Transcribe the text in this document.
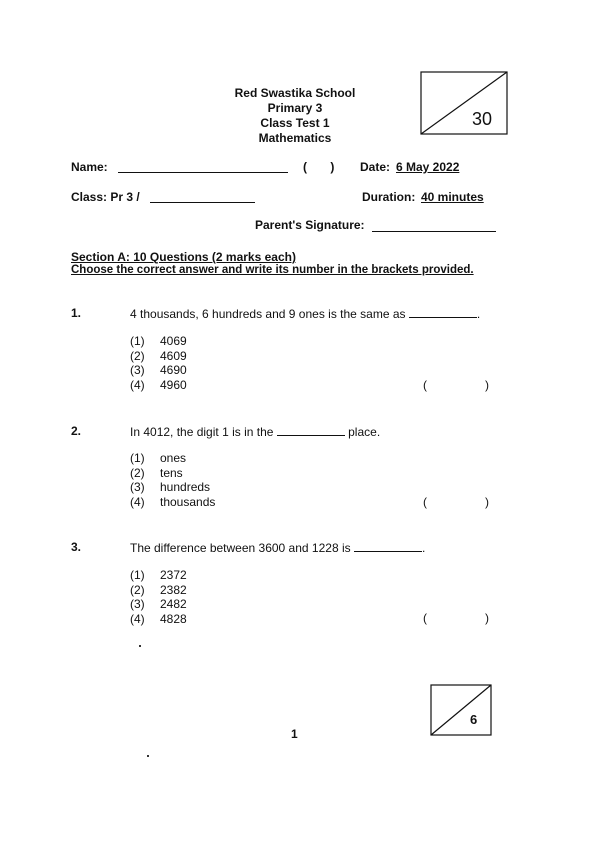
Red Swastika School
Primary 3
Class Test 1
Mathematics
30
Name:	(       ) Date: 6 May 2022
Class: Pr 3 /	Duration: 40 minutes
Parent's Signature:
Section A: 10 Questions (2 marks each)
Choose the correct answer and write its number in the brackets provided.
1.	4 thousands, 6 hundreds and 9 ones is the same as	.
(1) 4069
(2) 4609
(3) 4690
(4) 4960	(	)
2.	In 4012, the digit 1 is in the	place.
(1) ones
(2) tens
(3) hundreds
(4) thousands	(	)
3.	The difference between 3600 and 1228 is	.
(1) 2372
(2) 2382
(3) 2482
(4) 4828	(	)
6
1
